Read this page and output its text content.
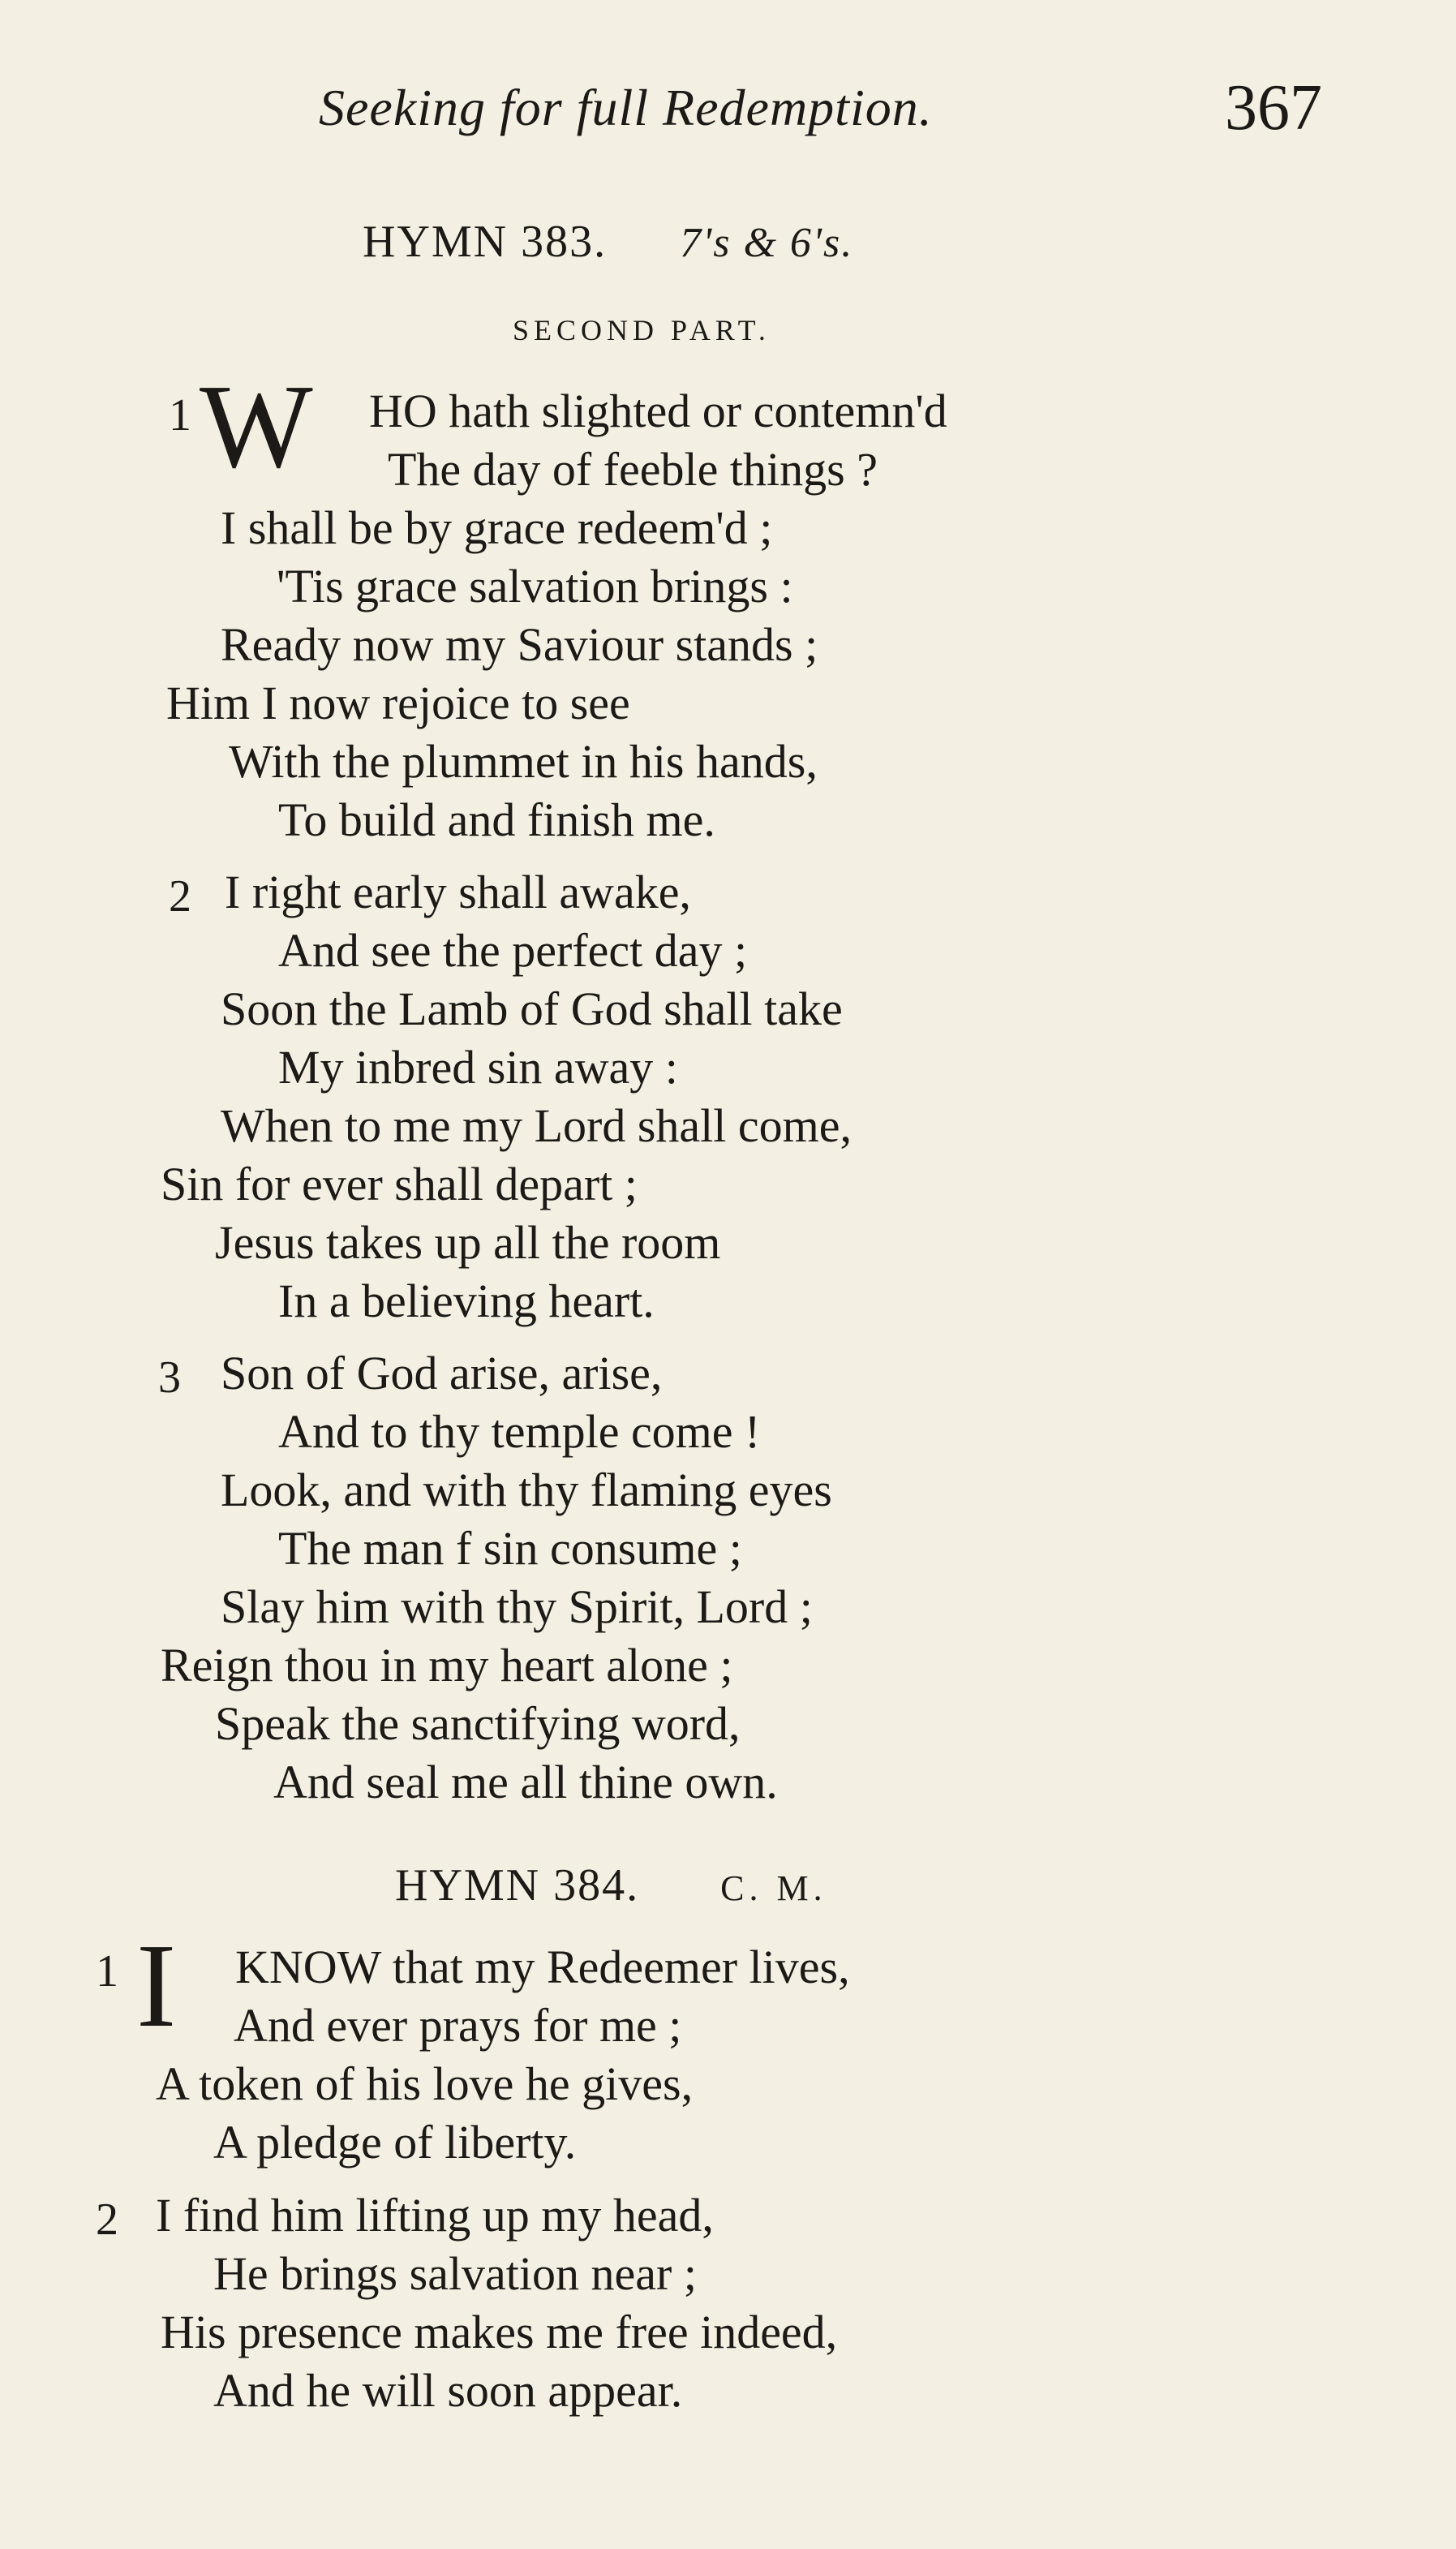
Seeking for full Redemption.	367
HYMN 383. 7's & 6's.
SECOND PART.
1 W HO hath slighted or contemn'd
The day of feeble things ?
I shall be by grace redeem'd ;
'Tis grace salvation brings :
Ready now my Saviour stands ;
Him I now rejoice to see
With the plummet in his hands,
To build and finish me.
2 I right early shall awake,
And see the perfect day ;
Soon the Lamb of God shall take
My inbred sin away :
When to me my Lord shall come,
Sin for ever shall depart ;
Jesus takes up all the room
In a believing heart.
3 Son of God arise, arise,
And to thy temple come !
Look, and with thy flaming eyes
The man f sin consume ;
Slay him with thy Spirit, Lord ;
Reign thou in my heart alone ;
Speak the sanctifying word,
And seal me all thine own.
HYMN 384. C. M.
1 I KNOW that my Redeemer lives,
And ever prays for me ;
A token of his love he gives,
A pledge of liberty.
2 I find him lifting up my head,
He brings salvation near ;
His presence makes me free indeed,
And he will soon appear.
